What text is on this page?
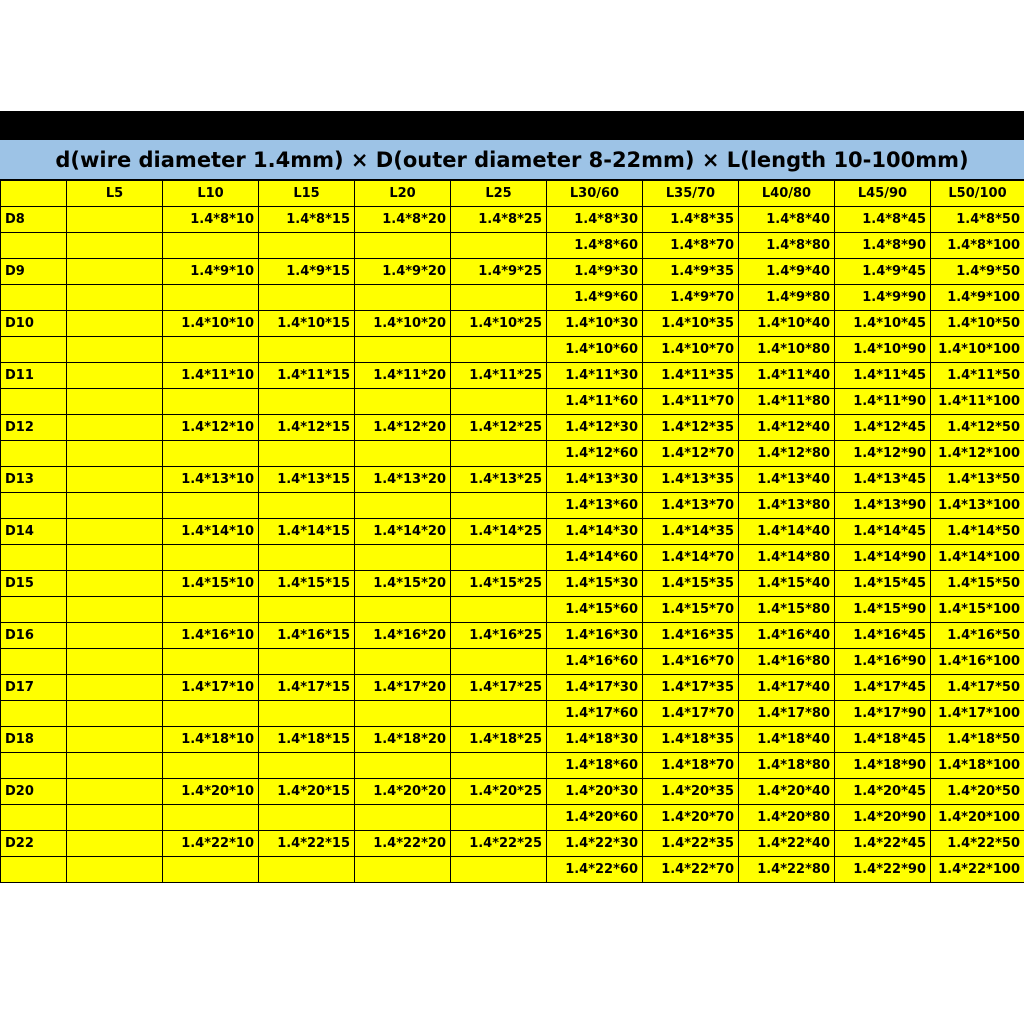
d(wire diameter 1.4mm) × D(outer diameter 8-22mm) × L(length 10-100mm)
	L5	L10	L15	L20	L25	L30/60	L35/70	L40/80	L45/90	L50/100
D8		1.4*8*10	1.4*8*15	1.4*8*20	1.4*8*25	1.4*8*30	1.4*8*35	1.4*8*40	1.4*8*45	1.4*8*50
						1.4*8*60	1.4*8*70	1.4*8*80	1.4*8*90	1.4*8*100
D9		1.4*9*10	1.4*9*15	1.4*9*20	1.4*9*25	1.4*9*30	1.4*9*35	1.4*9*40	1.4*9*45	1.4*9*50
						1.4*9*60	1.4*9*70	1.4*9*80	1.4*9*90	1.4*9*100
D10		1.4*10*10	1.4*10*15	1.4*10*20	1.4*10*25	1.4*10*30	1.4*10*35	1.4*10*40	1.4*10*45	1.4*10*50
						1.4*10*60	1.4*10*70	1.4*10*80	1.4*10*90	1.4*10*100
D11		1.4*11*10	1.4*11*15	1.4*11*20	1.4*11*25	1.4*11*30	1.4*11*35	1.4*11*40	1.4*11*45	1.4*11*50
						1.4*11*60	1.4*11*70	1.4*11*80	1.4*11*90	1.4*11*100
D12		1.4*12*10	1.4*12*15	1.4*12*20	1.4*12*25	1.4*12*30	1.4*12*35	1.4*12*40	1.4*12*45	1.4*12*50
						1.4*12*60	1.4*12*70	1.4*12*80	1.4*12*90	1.4*12*100
D13		1.4*13*10	1.4*13*15	1.4*13*20	1.4*13*25	1.4*13*30	1.4*13*35	1.4*13*40	1.4*13*45	1.4*13*50
						1.4*13*60	1.4*13*70	1.4*13*80	1.4*13*90	1.4*13*100
D14		1.4*14*10	1.4*14*15	1.4*14*20	1.4*14*25	1.4*14*30	1.4*14*35	1.4*14*40	1.4*14*45	1.4*14*50
						1.4*14*60	1.4*14*70	1.4*14*80	1.4*14*90	1.4*14*100
D15		1.4*15*10	1.4*15*15	1.4*15*20	1.4*15*25	1.4*15*30	1.4*15*35	1.4*15*40	1.4*15*45	1.4*15*50
						1.4*15*60	1.4*15*70	1.4*15*80	1.4*15*90	1.4*15*100
D16		1.4*16*10	1.4*16*15	1.4*16*20	1.4*16*25	1.4*16*30	1.4*16*35	1.4*16*40	1.4*16*45	1.4*16*50
						1.4*16*60	1.4*16*70	1.4*16*80	1.4*16*90	1.4*16*100
D17		1.4*17*10	1.4*17*15	1.4*17*20	1.4*17*25	1.4*17*30	1.4*17*35	1.4*17*40	1.4*17*45	1.4*17*50
						1.4*17*60	1.4*17*70	1.4*17*80	1.4*17*90	1.4*17*100
D18		1.4*18*10	1.4*18*15	1.4*18*20	1.4*18*25	1.4*18*30	1.4*18*35	1.4*18*40	1.4*18*45	1.4*18*50
						1.4*18*60	1.4*18*70	1.4*18*80	1.4*18*90	1.4*18*100
D20		1.4*20*10	1.4*20*15	1.4*20*20	1.4*20*25	1.4*20*30	1.4*20*35	1.4*20*40	1.4*20*45	1.4*20*50
						1.4*20*60	1.4*20*70	1.4*20*80	1.4*20*90	1.4*20*100
D22		1.4*22*10	1.4*22*15	1.4*22*20	1.4*22*25	1.4*22*30	1.4*22*35	1.4*22*40	1.4*22*45	1.4*22*50
						1.4*22*60	1.4*22*70	1.4*22*80	1.4*22*90	1.4*22*100
